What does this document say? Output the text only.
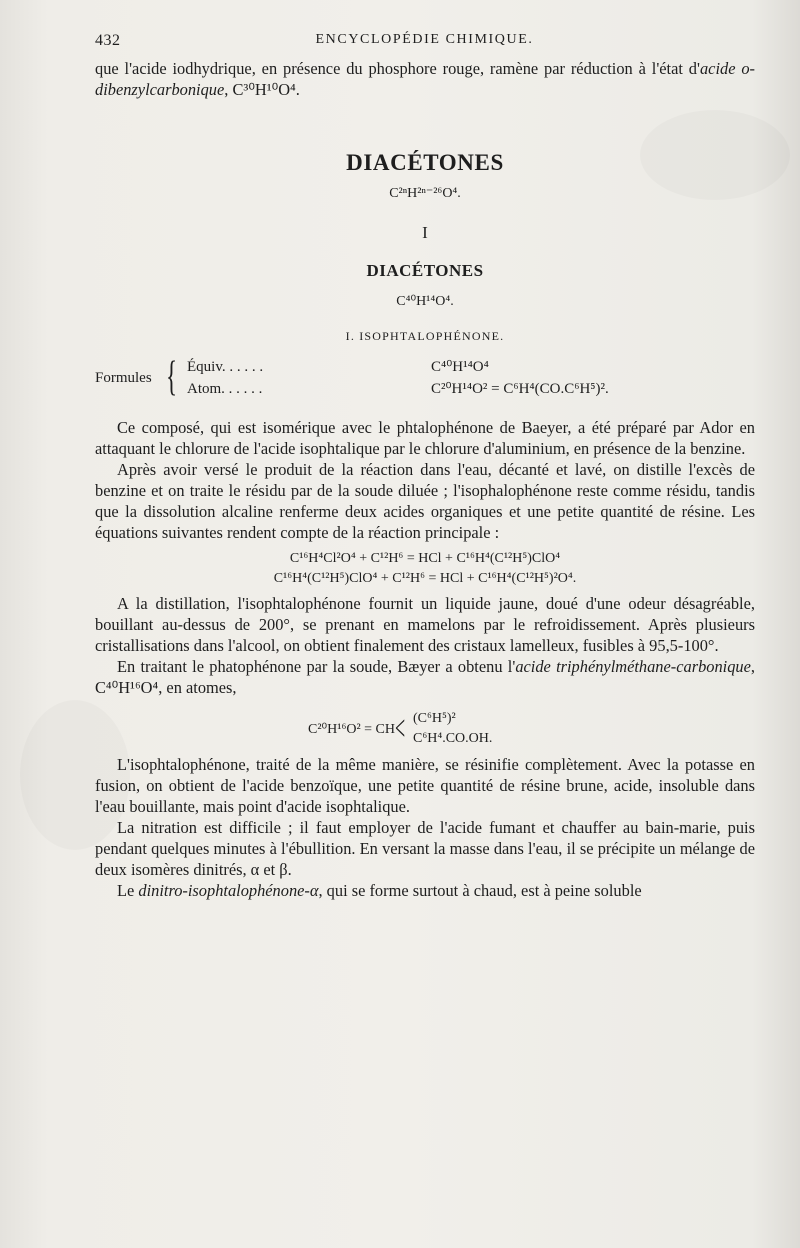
432	ENCYCLOPÉDIE CHIMIQUE.

que l'acide iodhydrique, en présence du phosphore rouge, ramène par réduction à l'état d'acide o-dibenzylcarbonique, C³⁰H¹⁰O⁴.

DIACÉTONES
C²ⁿH²ⁿ⁻²⁶O⁴.
I
DIACÉTONES
C⁴⁰H¹⁴O⁴.
I. ISOPHTALOPHÉNONE.
Formules { Équiv. . . . . .	C⁴⁰H¹⁴O⁴
Atom. . . . . .	C²⁰H¹⁴O² = C⁶H⁴(CO.C⁶H⁵)².

Ce composé, qui est isomérique avec le phtalophénone de Baeyer, a été préparé par Ador en attaquant le chlorure de l'acide isophtalique par le chlorure d'aluminium, en présence de la benzine.

Après avoir versé le produit de la réaction dans l'eau, décanté et lavé, on distille l'excès de benzine et on traite le résidu par de la soude diluée ; l'isophalophénone reste comme résidu, tandis que la dissolution alcaline renferme deux acides organiques et une petite quantité de résine. Les équations suivantes rendent compte de la réaction principale :

C¹⁶H⁴Cl²O⁴ + C¹²H⁶ = HCl + C¹⁶H⁴(C¹²H⁵)ClO⁴
C¹⁶H⁴(C¹²H⁵)ClO⁴ + C¹²H⁶ = HCl + C¹⁶H⁴(C¹²H⁵)²O⁴.

A la distillation, l'isophtalophénone fournit un liquide jaune, doué d'une odeur désagréable, bouillant au-dessus de 200°, se prenant en mamelons par le refroidissement. Après plusieurs cristallisations dans l'alcool, on obtient finalement des cristaux lamelleux, fusibles à 95,5-100°.

En traitant le phatophénone par la soude, Bæyer a obtenu l'acide triphénylméthane-carbonique, C⁴⁰H¹⁶O⁴, en atomes,

C²⁰H¹⁶O² = CH < (C⁶H⁵)²
C⁶H⁴.CO.OH.

L'isophtalophénone, traité de la même manière, se résinifie complètement. Avec la potasse en fusion, on obtient de l'acide benzoïque, une petite quantité de résine brune, acide, insoluble dans l'eau bouillante, mais point d'acide isophtalique.

La nitration est difficile ; il faut employer de l'acide fumant et chauffer au bain-marie, puis pendant quelques minutes à l'ébullition. En versant la masse dans l'eau, il se précipite un mélange de deux isomères dinitrés, α et β.

Le dinitro-isophtalophénone-α, qui se forme surtout à chaud, est à peine soluble
